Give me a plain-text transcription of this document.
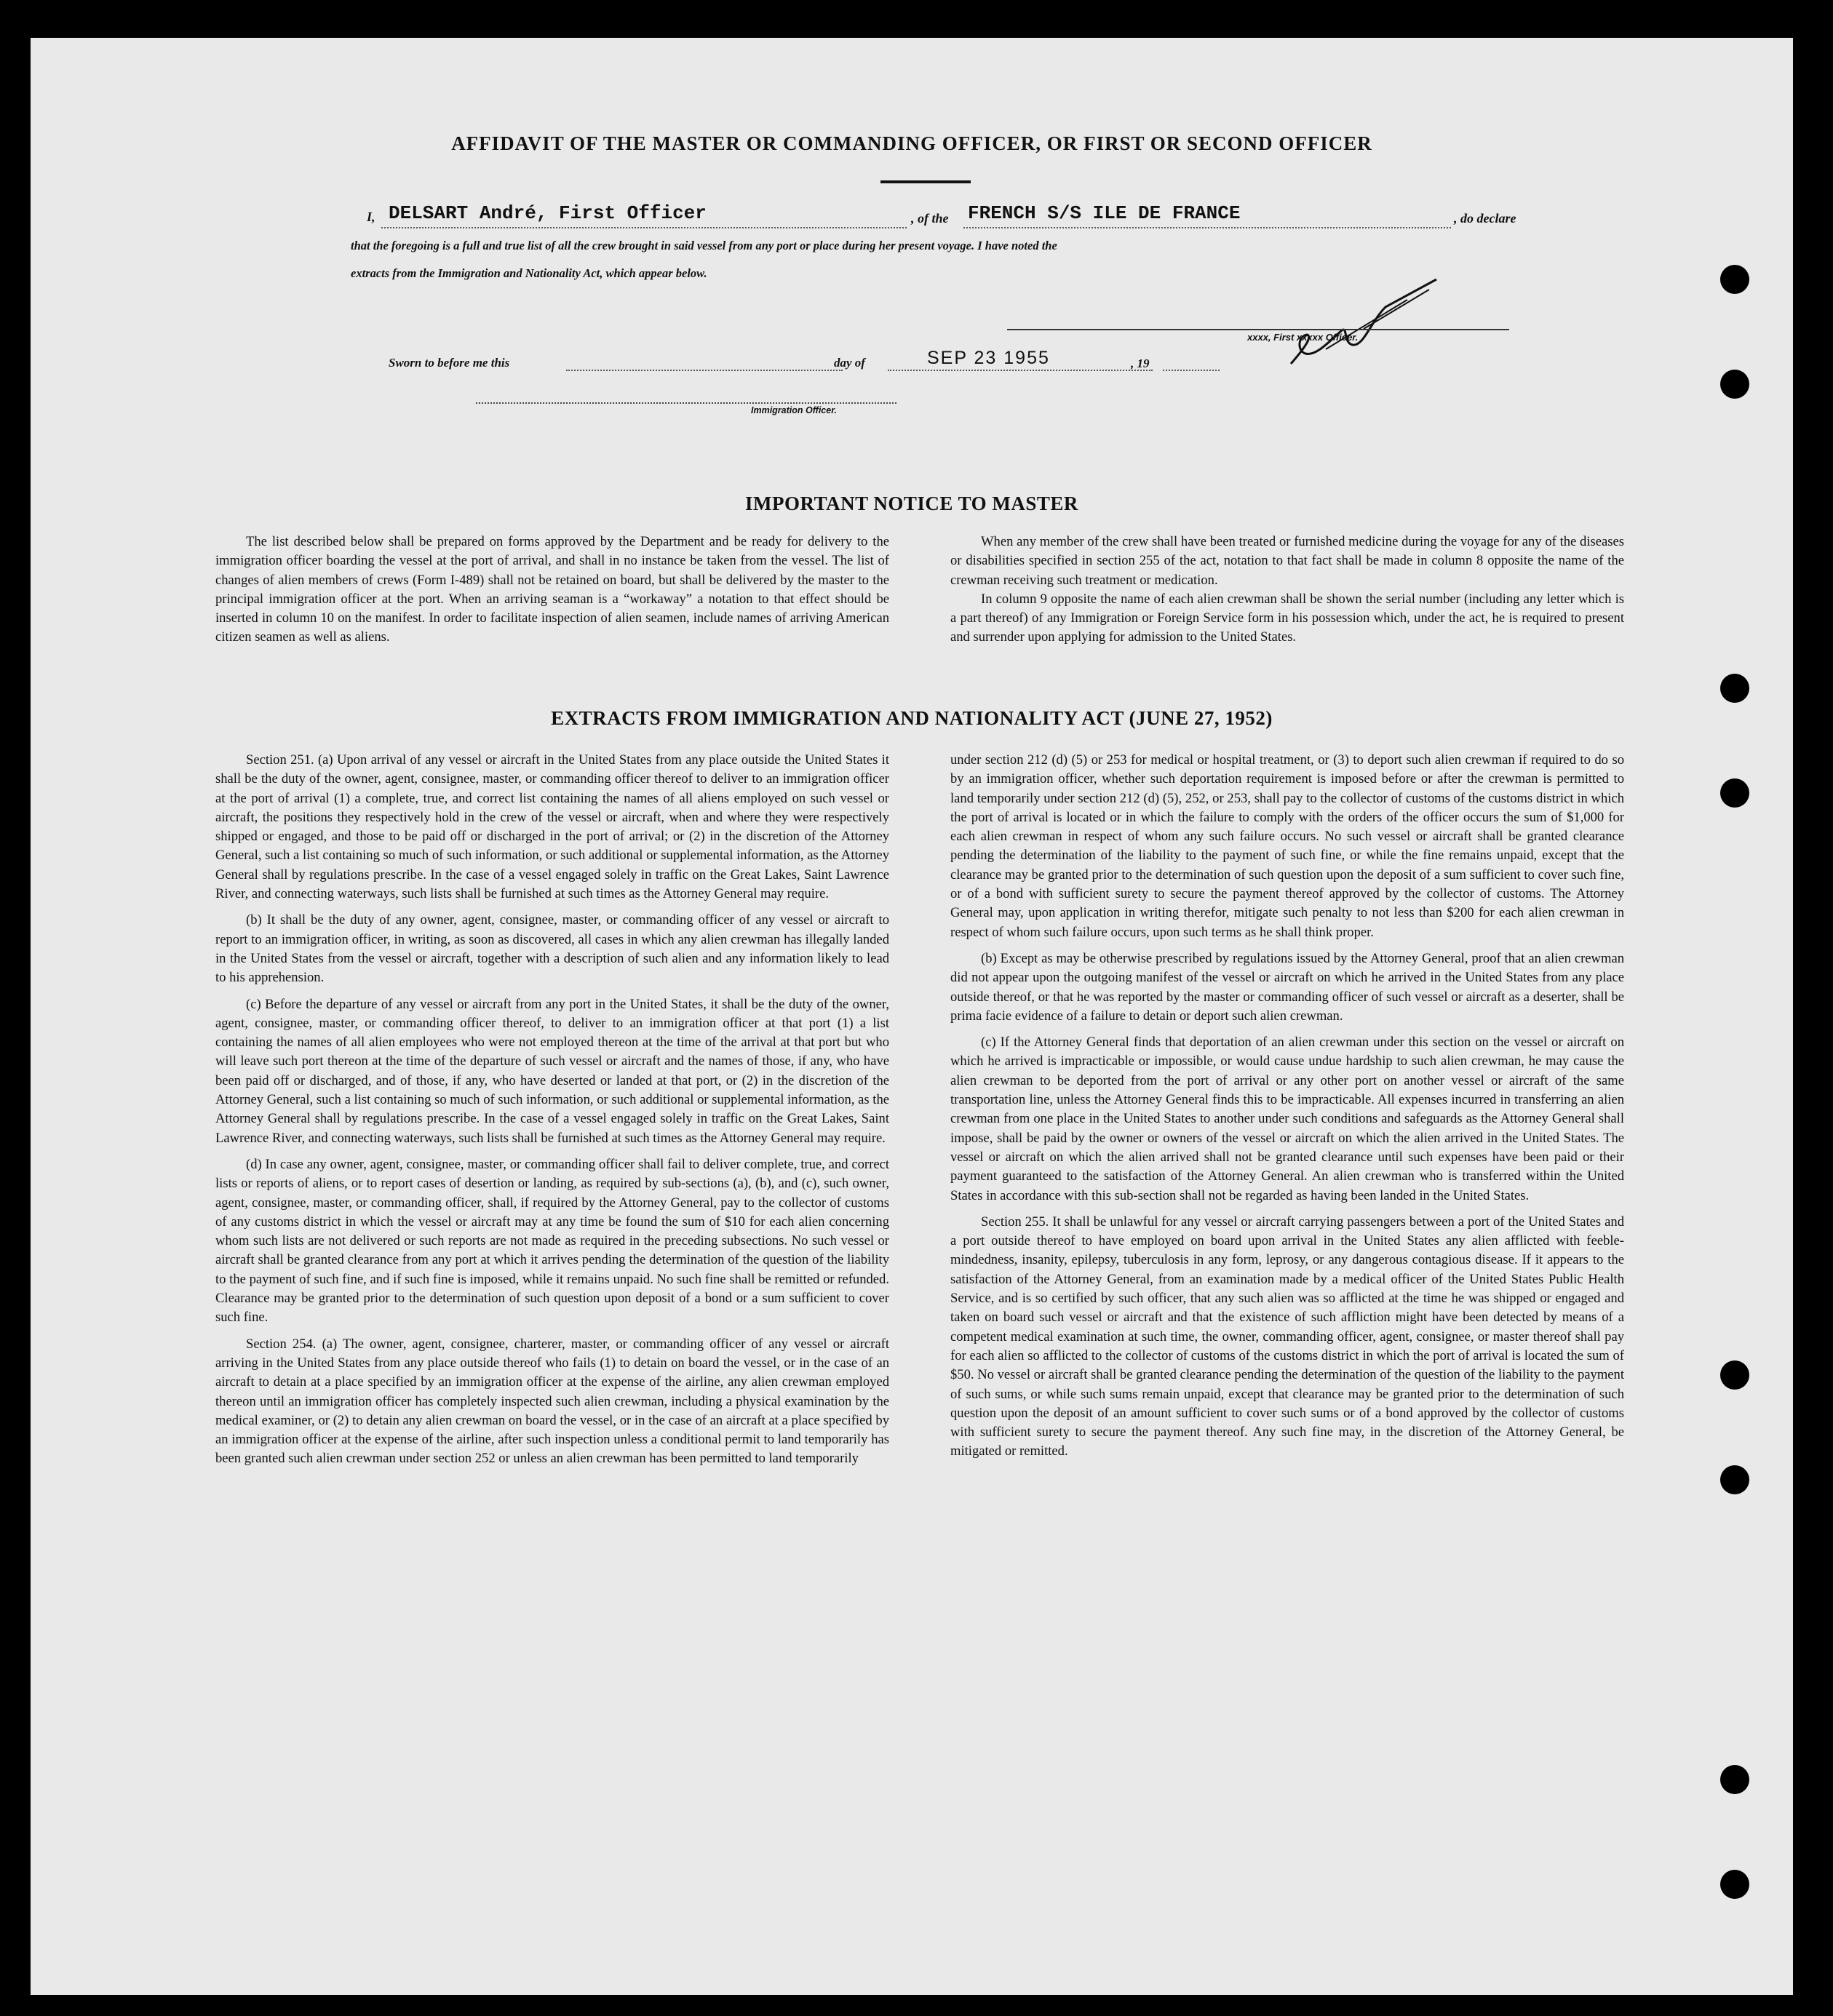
AFFIDAVIT OF THE MASTER OR COMMANDING OFFICER, OR FIRST OR SECOND OFFICER
I, DELSART André, First Officer	, of the FRENCH S/S ILE DE FRANCE	, do declare
that the foregoing is a full and true list of all the crew brought in said vessel from any port or place during her present voyage. I have noted the
extracts from the Immigration and Nationality Act, which appear below.
xxxx, First xxxxx Officer.
Sworn to before me this	day of	SEP 23 1955	, 19
Immigration Officer.
IMPORTANT NOTICE TO MASTER

The list described below shall be prepared on forms approved by the Department and be ready for delivery to the immigration officer boarding the vessel at the port of arrival, and shall in no instance be taken from the vessel. The list of changes of alien members of crews (Form I-489) shall not be retained on board, but shall be delivered by the master to the principal immigration officer at the port. When an arriving seaman is a “workaway” a notation to that effect should be inserted in column 10 on the manifest. In order to facilitate inspection of alien seamen, include names of arriving American citizen seamen as well as aliens.

When any member of the crew shall have been treated or furnished medicine during the voyage for any of the diseases or disabilities specified in section 255 of the act, notation to that fact shall be made in column 8 opposite the name of the crewman receiving such treatment or medication.

In column 9 opposite the name of each alien crewman shall be shown the serial number (including any letter which is a part thereof) of any Immigration or Foreign Service form in his possession which, under the act, he is required to present and surrender upon applying for admission to the United States.

EXTRACTS FROM IMMIGRATION AND NATIONALITY ACT (JUNE 27, 1952)

Section 251. (a) Upon arrival of any vessel or aircraft in the United States from any place outside the United States it shall be the duty of the owner, agent, consignee, master, or commanding officer thereof to deliver to an immigration officer at the port of arrival (1) a complete, true, and correct list containing the names of all aliens employed on such vessel or aircraft, the positions they respectively hold in the crew of the vessel or aircraft, when and where they were respectively shipped or engaged, and those to be paid off or discharged in the port of arrival; or (2) in the discretion of the Attorney General, such a list containing so much of such information, or such additional or supplemental information, as the Attorney General shall by regulations prescribe. In the case of a vessel engaged solely in traffic on the Great Lakes, Saint Lawrence River, and connecting waterways, such lists shall be furnished at such times as the Attorney General may require.

(b) It shall be the duty of any owner, agent, consignee, master, or commanding officer of any vessel or aircraft to report to an immigration officer, in writing, as soon as discovered, all cases in which any alien crewman has illegally landed in the United States from the vessel or aircraft, together with a description of such alien and any information likely to lead to his apprehension.

(c) Before the departure of any vessel or aircraft from any port in the United States, it shall be the duty of the owner, agent, consignee, master, or commanding officer thereof, to deliver to an immigration officer at that port (1) a list containing the names of all alien employees who were not employed thereon at the time of the arrival at that port but who will leave such port thereon at the time of the departure of such vessel or aircraft and the names of those, if any, who have been paid off or discharged, and of those, if any, who have deserted or landed at that port, or (2) in the discretion of the Attorney General, such a list containing so much of such information, or such additional or supplemental information, as the Attorney General shall by regulations prescribe. In the case of a vessel engaged solely in traffic on the Great Lakes, Saint Lawrence River, and connecting waterways, such lists shall be furnished at such times as the Attorney General may require.

(d) In case any owner, agent, consignee, master, or commanding officer shall fail to deliver complete, true, and correct lists or reports of aliens, or to report cases of desertion or landing, as required by sub-sections (a), (b), and (c), such owner, agent, consignee, master, or commanding officer, shall, if required by the Attorney General, pay to the collector of customs of any customs district in which the vessel or aircraft may at any time be found the sum of $10 for each alien concerning whom such lists are not delivered or such reports are not made as required in the preceding subsections. No such vessel or aircraft shall be granted clearance from any port at which it arrives pending the determination of the question of the liability to the payment of such fine, and if such fine is imposed, while it remains unpaid. No such fine shall be remitted or refunded. Clearance may be granted prior to the determination of such question upon deposit of a bond or a sum sufficient to cover such fine.

Section 254. (a) The owner, agent, consignee, charterer, master, or commanding officer of any vessel or aircraft arriving in the United States from any place outside thereof who fails (1) to detain on board the vessel, or in the case of an aircraft to detain at a place specified by an immigration officer at the expense of the airline, any alien crewman employed thereon until an immigration officer has completely inspected such alien crewman, including a physical examination by the medical examiner, or (2) to detain any alien crewman on board the vessel, or in the case of an aircraft at a place specified by an immigration officer at the expense of the airline, after such inspection unless a conditional permit to land temporarily has been granted such alien crewman under section 252 or unless an alien crewman has been permitted to land temporarily

under section 212 (d) (5) or 253 for medical or hospital treatment, or (3) to deport such alien crewman if required to do so by an immigration officer, whether such deportation requirement is imposed before or after the crewman is permitted to land temporarily under section 212 (d) (5), 252, or 253, shall pay to the collector of customs of the customs district in which the port of arrival is located or in which the failure to comply with the orders of the officer occurs the sum of $1,000 for each alien crewman in respect of whom any such failure occurs. No such vessel or aircraft shall be granted clearance pending the determination of the liability to the payment of such fine, or while the fine remains unpaid, except that the clearance may be granted prior to the determination of such question upon the deposit of a sum sufficient to cover such fine, or of a bond with sufficient surety to secure the payment thereof approved by the collector of customs. The Attorney General may, upon application in writing therefor, mitigate such penalty to not less than $200 for each alien crewman in respect of whom such failure occurs, upon such terms as he shall think proper.

(b) Except as may be otherwise prescribed by regulations issued by the Attorney General, proof that an alien crewman did not appear upon the outgoing manifest of the vessel or aircraft on which he arrived in the United States from any place outside thereof, or that he was reported by the master or commanding officer of such vessel or aircraft as a deserter, shall be prima facie evidence of a failure to detain or deport such alien crewman.

(c) If the Attorney General finds that deportation of an alien crewman under this section on the vessel or aircraft on which he arrived is impracticable or impossible, or would cause undue hardship to such alien crewman, he may cause the alien crewman to be deported from the port of arrival or any other port on another vessel or aircraft of the same transportation line, unless the Attorney General finds this to be impracticable. All expenses incurred in transferring an alien crewman from one place in the United States to another under such conditions and safeguards as the Attorney General shall impose, shall be paid by the owner or owners of the vessel or aircraft on which the alien arrived in the United States. The vessel or aircraft on which the alien arrived shall not be granted clearance until such expenses have been paid or their payment guaranteed to the satisfaction of the Attorney General. An alien crewman who is transferred within the United States in accordance with this sub-section shall not be regarded as having been landed in the United States.

Section 255. It shall be unlawful for any vessel or aircraft carrying passengers between a port of the United States and a port outside thereof to have employed on board upon arrival in the United States any alien afflicted with feeble-mindedness, insanity, epilepsy, tuberculosis in any form, leprosy, or any dangerous contagious disease. If it appears to the satisfaction of the Attorney General, from an examination made by a medical officer of the United States Public Health Service, and is so certified by such officer, that any such alien was so afflicted at the time he was shipped or engaged and taken on board such vessel or aircraft and that the existence of such affliction might have been detected by means of a competent medical examination at such time, the owner, commanding officer, agent, consignee, or master thereof shall pay for each alien so afflicted to the collector of customs of the customs district in which the port of arrival is located the sum of $50. No vessel or aircraft shall be granted clearance pending the determination of the question of the liability to the payment of such sums, or while such sums remain unpaid, except that clearance may be granted prior to the determination of such question upon the deposit of an amount sufficient to cover such sums or of a bond approved by the collector of customs with sufficient surety to secure the payment thereof. Any such fine may, in the discretion of the Attorney General, be mitigated or remitted.
